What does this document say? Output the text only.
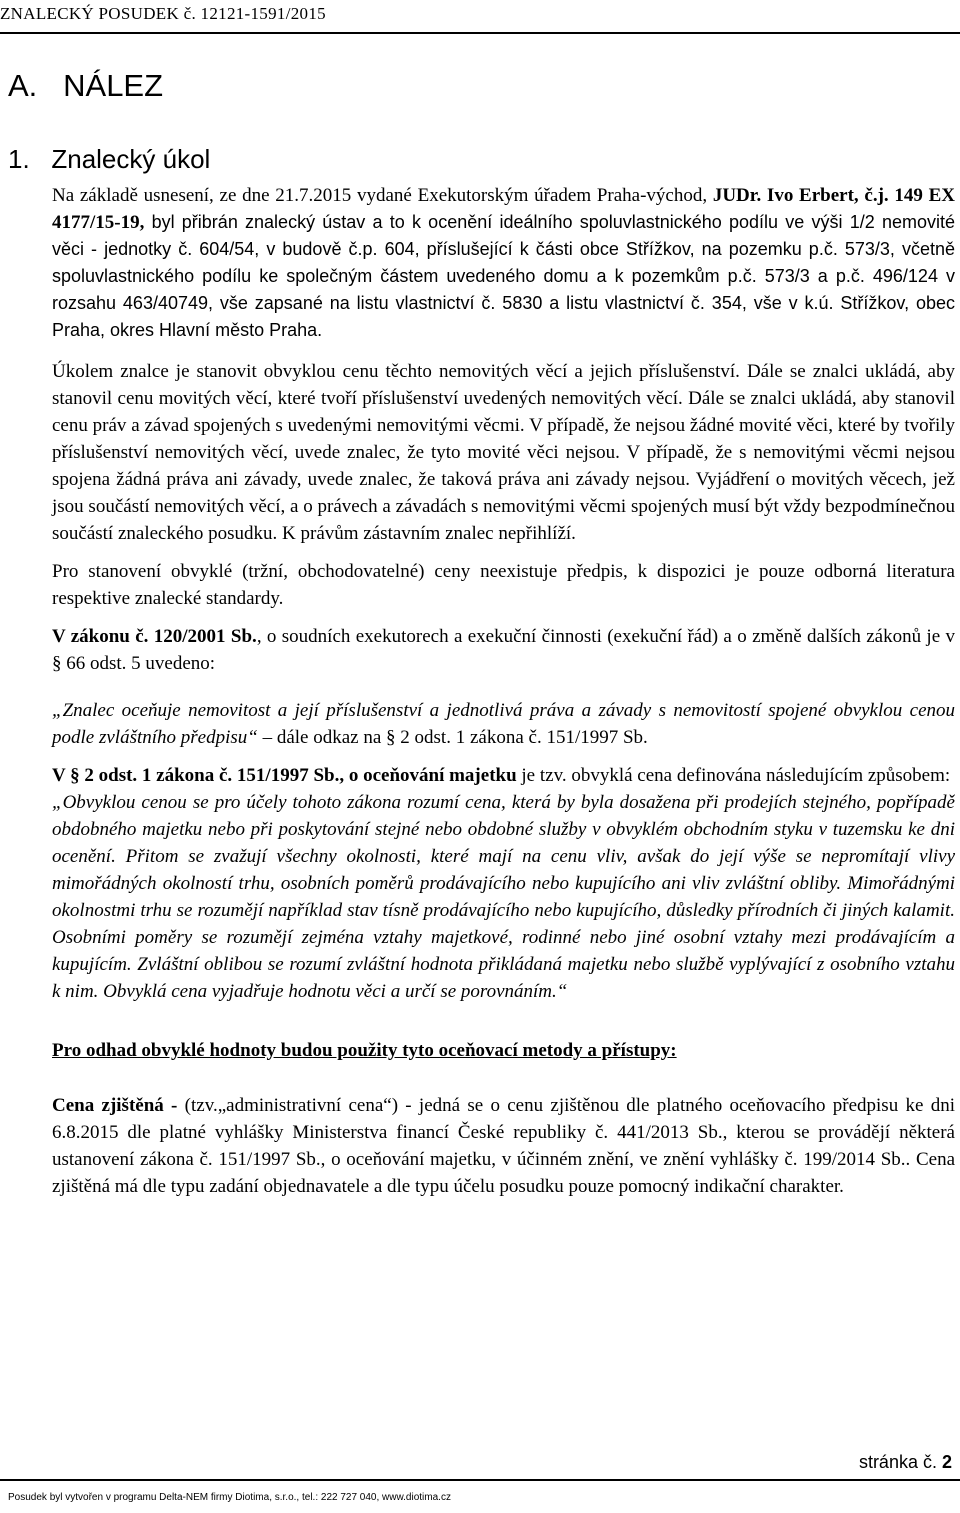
ZNALECKÝ POSUDEK č. 12121-1591/2015
A.   NÁLEZ
1.   Znalecký úkol

Na základě usnesení, ze dne 21.7.2015 vydané Exekutorským úřadem Praha-východ, JUDr. Ivo Erbert, č.j. 149 EX 4177/15-19, byl přibrán znalecký ústav a to k ocenění ideálního spoluvlastnického podílu ve výši 1/2 nemovité věci - jednotky č. 604/54, v budově č.p. 604, příslušející k části obce Střížkov, na pozemku p.č. 573/3, včetně spoluvlastnického podílu ke společným částem uvedeného domu a k pozemkům p.č. 573/3 a p.č. 496/124 v rozsahu 463/40749, vše zapsané na listu vlastnictví č. 5830 a listu vlastnictví č. 354, vše v k.ú. Střížkov, obec Praha, okres Hlavní město Praha.

Úkolem znalce je stanovit obvyklou cenu těchto nemovitých věcí a jejich příslušenství. Dále se znalci ukládá, aby stanovil cenu movitých věcí, které tvoří příslušenství uvedených nemovitých věcí. Dále se znalci ukládá, aby stanovil cenu práv a závad spojených s uvedenými nemovitými věcmi. V případě, že nejsou žádné movité věci, které by tvořily příslušenství nemovitých věcí, uvede znalec, že tyto movité věci nejsou. V případě, že s nemovitými věcmi nejsou spojena žádná práva ani závady, uvede znalec, že taková práva ani závady nejsou. Vyjádření o movitých věcech, jež jsou součástí nemovitých věcí, a o právech a závadách s nemovitými věcmi spojených musí být vždy bezpodmínečnou součástí znaleckého posudku. K právům zástavním znalec nepřihlíží.

Pro stanovení obvyklé (tržní, obchodovatelné) ceny neexistuje předpis, k dispozici je pouze odborná literatura respektive znalecké standardy.

V zákonu č. 120/2001 Sb., o soudních exekutorech a exekuční činnosti (exekuční řád) a o změně dalších zákonů je v § 66 odst. 5 uvedeno:

„Znalec oceňuje nemovitost a její příslušenství a jednotlivá práva a závady s nemovitostí spojené obvyklou cenou podle zvláštního předpisu“ – dále odkaz na § 2 odst. 1 zákona č. 151/1997 Sb.

V § 2 odst. 1 zákona č. 151/1997 Sb., o oceňování majetku je tzv. obvyklá cena definována následujícím způsobem:

„Obvyklou cenou se pro účely tohoto zákona rozumí cena, která by byla dosažena při prodejích stejného, popřípadě obdobného majetku nebo při poskytování stejné nebo obdobné služby v obvyklém obchodním styku v tuzemsku ke dni ocenění. Přitom se zvažují všechny okolnosti, které mají na cenu vliv, avšak do její výše se nepromítají vlivy mimořádných okolností trhu, osobních poměrů prodávajícího nebo kupujícího ani vliv zvláštní obliby. Mimořádnými okolnostmi trhu se rozumějí například stav tísně prodávajícího nebo kupujícího, důsledky přírodních či jiných kalamit. Osobními poměry se rozumějí zejména vztahy majetkové, rodinné nebo jiné osobní vztahy mezi prodávajícím a kupujícím. Zvláštní oblibou se rozumí zvláštní hodnota přikládaná majetku nebo službě vyplývající z osobního vztahu k nim. Obvyklá cena vyjadřuje hodnotu věci a určí se porovnáním.“

Pro odhad obvyklé hodnoty budou použity tyto oceňovací metody a přístupy:

Cena zjištěná - (tzv.„administrativní cena“) - jedná se o cenu zjištěnou dle platného oceňovacího předpisu ke dni 6.8.2015 dle platné vyhlášky Ministerstva financí České republiky č. 441/2013 Sb., kterou se provádějí některá ustanovení zákona č. 151/1997 Sb., o oceňování majetku, v účinném znění, ve znění vyhlášky č. 199/2014 Sb.. Cena zjištěná má dle typu zadání objednavatele a dle typu účelu posudku pouze pomocný indikační charakter.

stránka č. 2
Posudek byl vytvořen v programu Delta-NEM firmy Diotima, s.r.o., tel.: 222 727 040, www.diotima.cz
